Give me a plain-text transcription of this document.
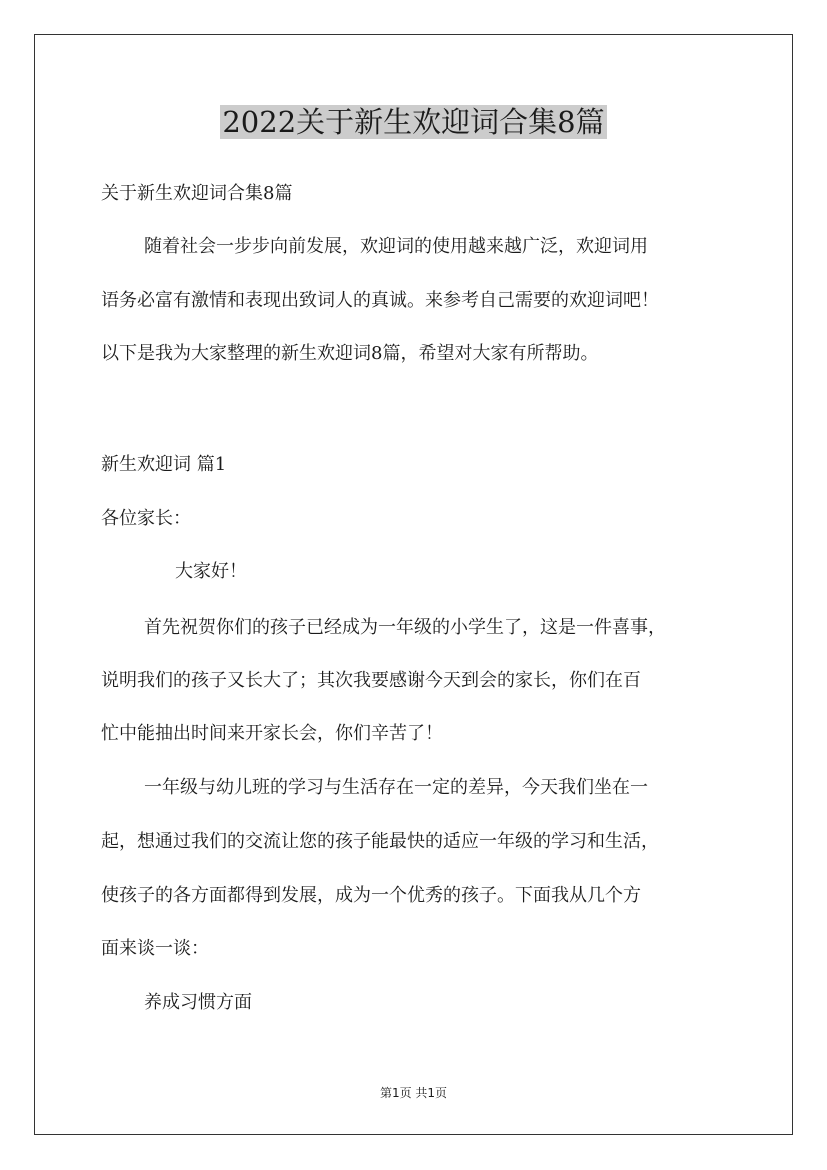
2022关于新生欢迎词合集8篇

关于新生欢迎词合集8篇

随着社会一步步向前发展，欢迎词的使用越来越广泛，欢迎词用

语务必富有激情和表现出致词人的真诚。来参考自己需要的欢迎词吧！

以下是我为大家整理的新生欢迎词8篇，希望对大家有所帮助。

新生欢迎词 篇1

各位家长：

大家好！

首先祝贺你们的孩子已经成为一年级的小学生了，这是一件喜事，

说明我们的孩子又长大了；其次我要感谢今天到会的家长，你们在百

忙中能抽出时间来开家长会，你们辛苦了！

一年级与幼儿班的学习与生活存在一定的差异，今天我们坐在一

起，想通过我们的交流让您的孩子能最快的适应一年级的学习和生活，

使孩子的各方面都得到发展，成为一个优秀的孩子。下面我从几个方

面来谈一谈：

养成习惯方面

第1页 共1页
